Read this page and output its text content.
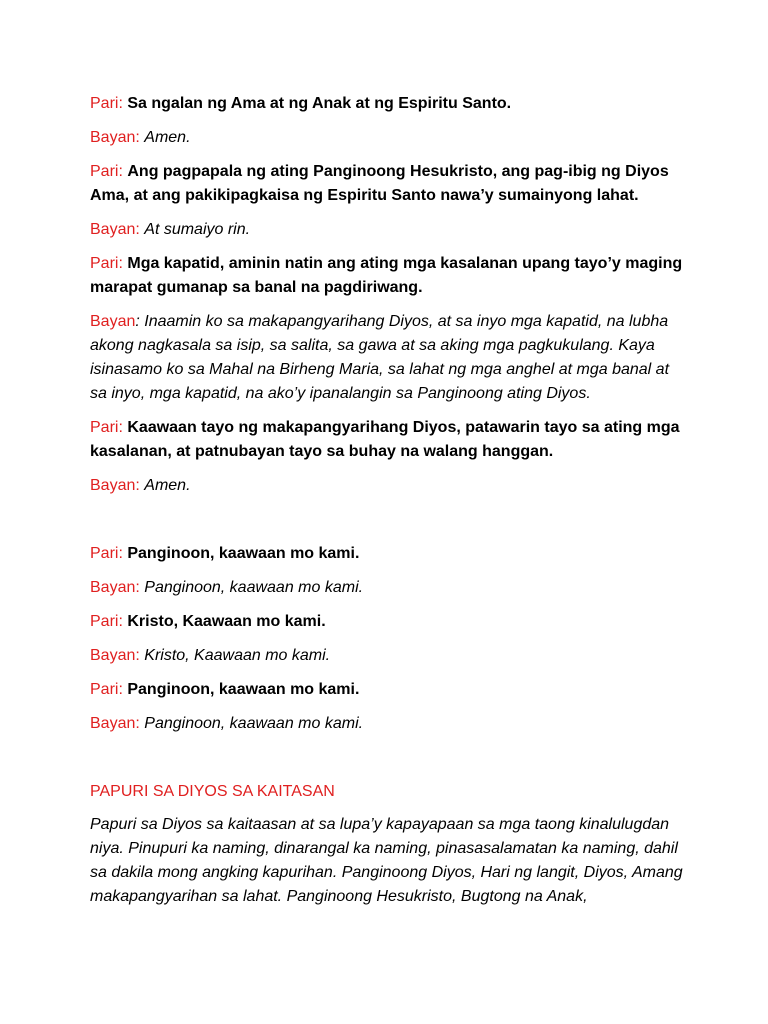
Pari: Sa ngalan ng Ama at ng Anak at ng Espiritu Santo.

Bayan: Amen.

Pari: Ang pagpapala ng ating Panginoong Hesukristo, ang pag-ibig ng Diyos Ama, at ang pakikipagkaisa ng Espiritu Santo nawa’y sumainyong lahat.

Bayan: At sumaiyo rin.

Pari: Mga kapatid, aminin natin ang ating mga kasalanan upang tayo’y maging marapat gumanap sa banal na pagdiriwang.

Bayan: Inaamin ko sa makapangyarihang Diyos, at sa inyo mga kapatid, na lubha akong nagkasala sa isip, sa salita, sa gawa at sa aking mga pagkukulang. Kaya isinasamo ko sa Mahal na Birheng Maria, sa lahat ng mga anghel at mga banal at sa inyo, mga kapatid, na ako’y ipanalangin sa Panginoong ating Diyos.

Pari: Kaawaan tayo ng makapangyarihang Diyos, patawarin tayo sa ating mga kasalanan, at patnubayan tayo sa buhay na walang hanggan.

Bayan: Amen.

Pari: Panginoon, kaawaan mo kami.

Bayan: Panginoon, kaawaan mo kami.

Pari: Kristo, Kaawaan mo kami.

Bayan: Kristo, Kaawaan mo kami.

Pari: Panginoon, kaawaan mo kami.

Bayan: Panginoon, kaawaan mo kami.

PAPURI SA DIYOS SA KAITASAN

Papuri sa Diyos sa kaitaasan at sa lupa’y kapayapaan sa mga taong kinalulugdan niya. Pinupuri ka naming, dinarangal ka naming, pinasasalamatan ka naming, dahil sa dakila mong angking kapurihan. Panginoong Diyos, Hari ng langit, Diyos, Amang makapangyarihan sa lahat. Panginoong Hesukristo, Bugtong na Anak,
